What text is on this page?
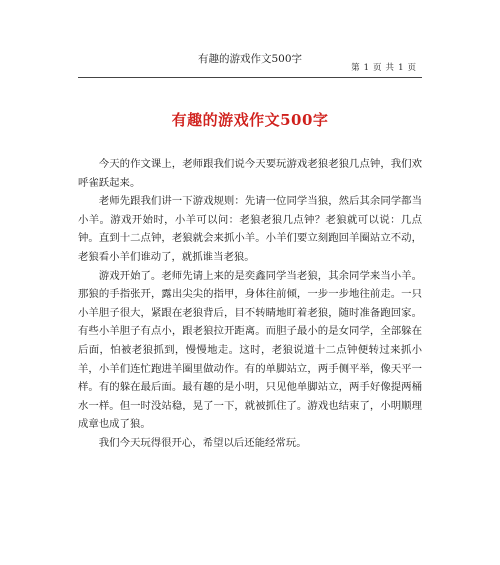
有趣的游戏作文500字
第 1 页 共 1 页
有趣的游戏作文500字

今天的作文课上，老师跟我们说今天要玩游戏老狼老狼几点钟，我们欢呼雀跃起来。

老师先跟我们讲一下游戏规则：先请一位同学当狼，然后其余同学都当小羊。游戏开始时，小羊可以问：老狼老狼几点钟？老狼就可以说：几点钟。直到十二点钟，老狼就会来抓小羊。小羊们要立刻跑回羊圈站立不动，老狼看小羊们谁动了，就抓谁当老狼。

游戏开始了。老师先请上来的是奕鑫同学当老狼，其余同学来当小羊。那狼的手指张开，露出尖尖的指甲，身体往前倾，一步一步地往前走。一只小羊胆子很大，紧跟在老狼背后，目不转睛地盯着老狼，随时准备跑回家。有些小羊胆子有点小，跟老狼拉开距离。而胆子最小的是女同学，全部躲在后面，怕被老狼抓到，慢慢地走。这时，老狼说道十二点钟便转过来抓小羊，小羊们连忙跑进羊圈里做动作。有的单脚站立，两手侧平举，像天平一样。有的躲在最后面。最有趣的是小明，只见他单脚站立，两手好像提两桶水一样。但一时没站稳，晃了一下，就被抓住了。游戏也结束了，小明顺理成章也成了狼。

我们今天玩得很开心，希望以后还能经常玩。
